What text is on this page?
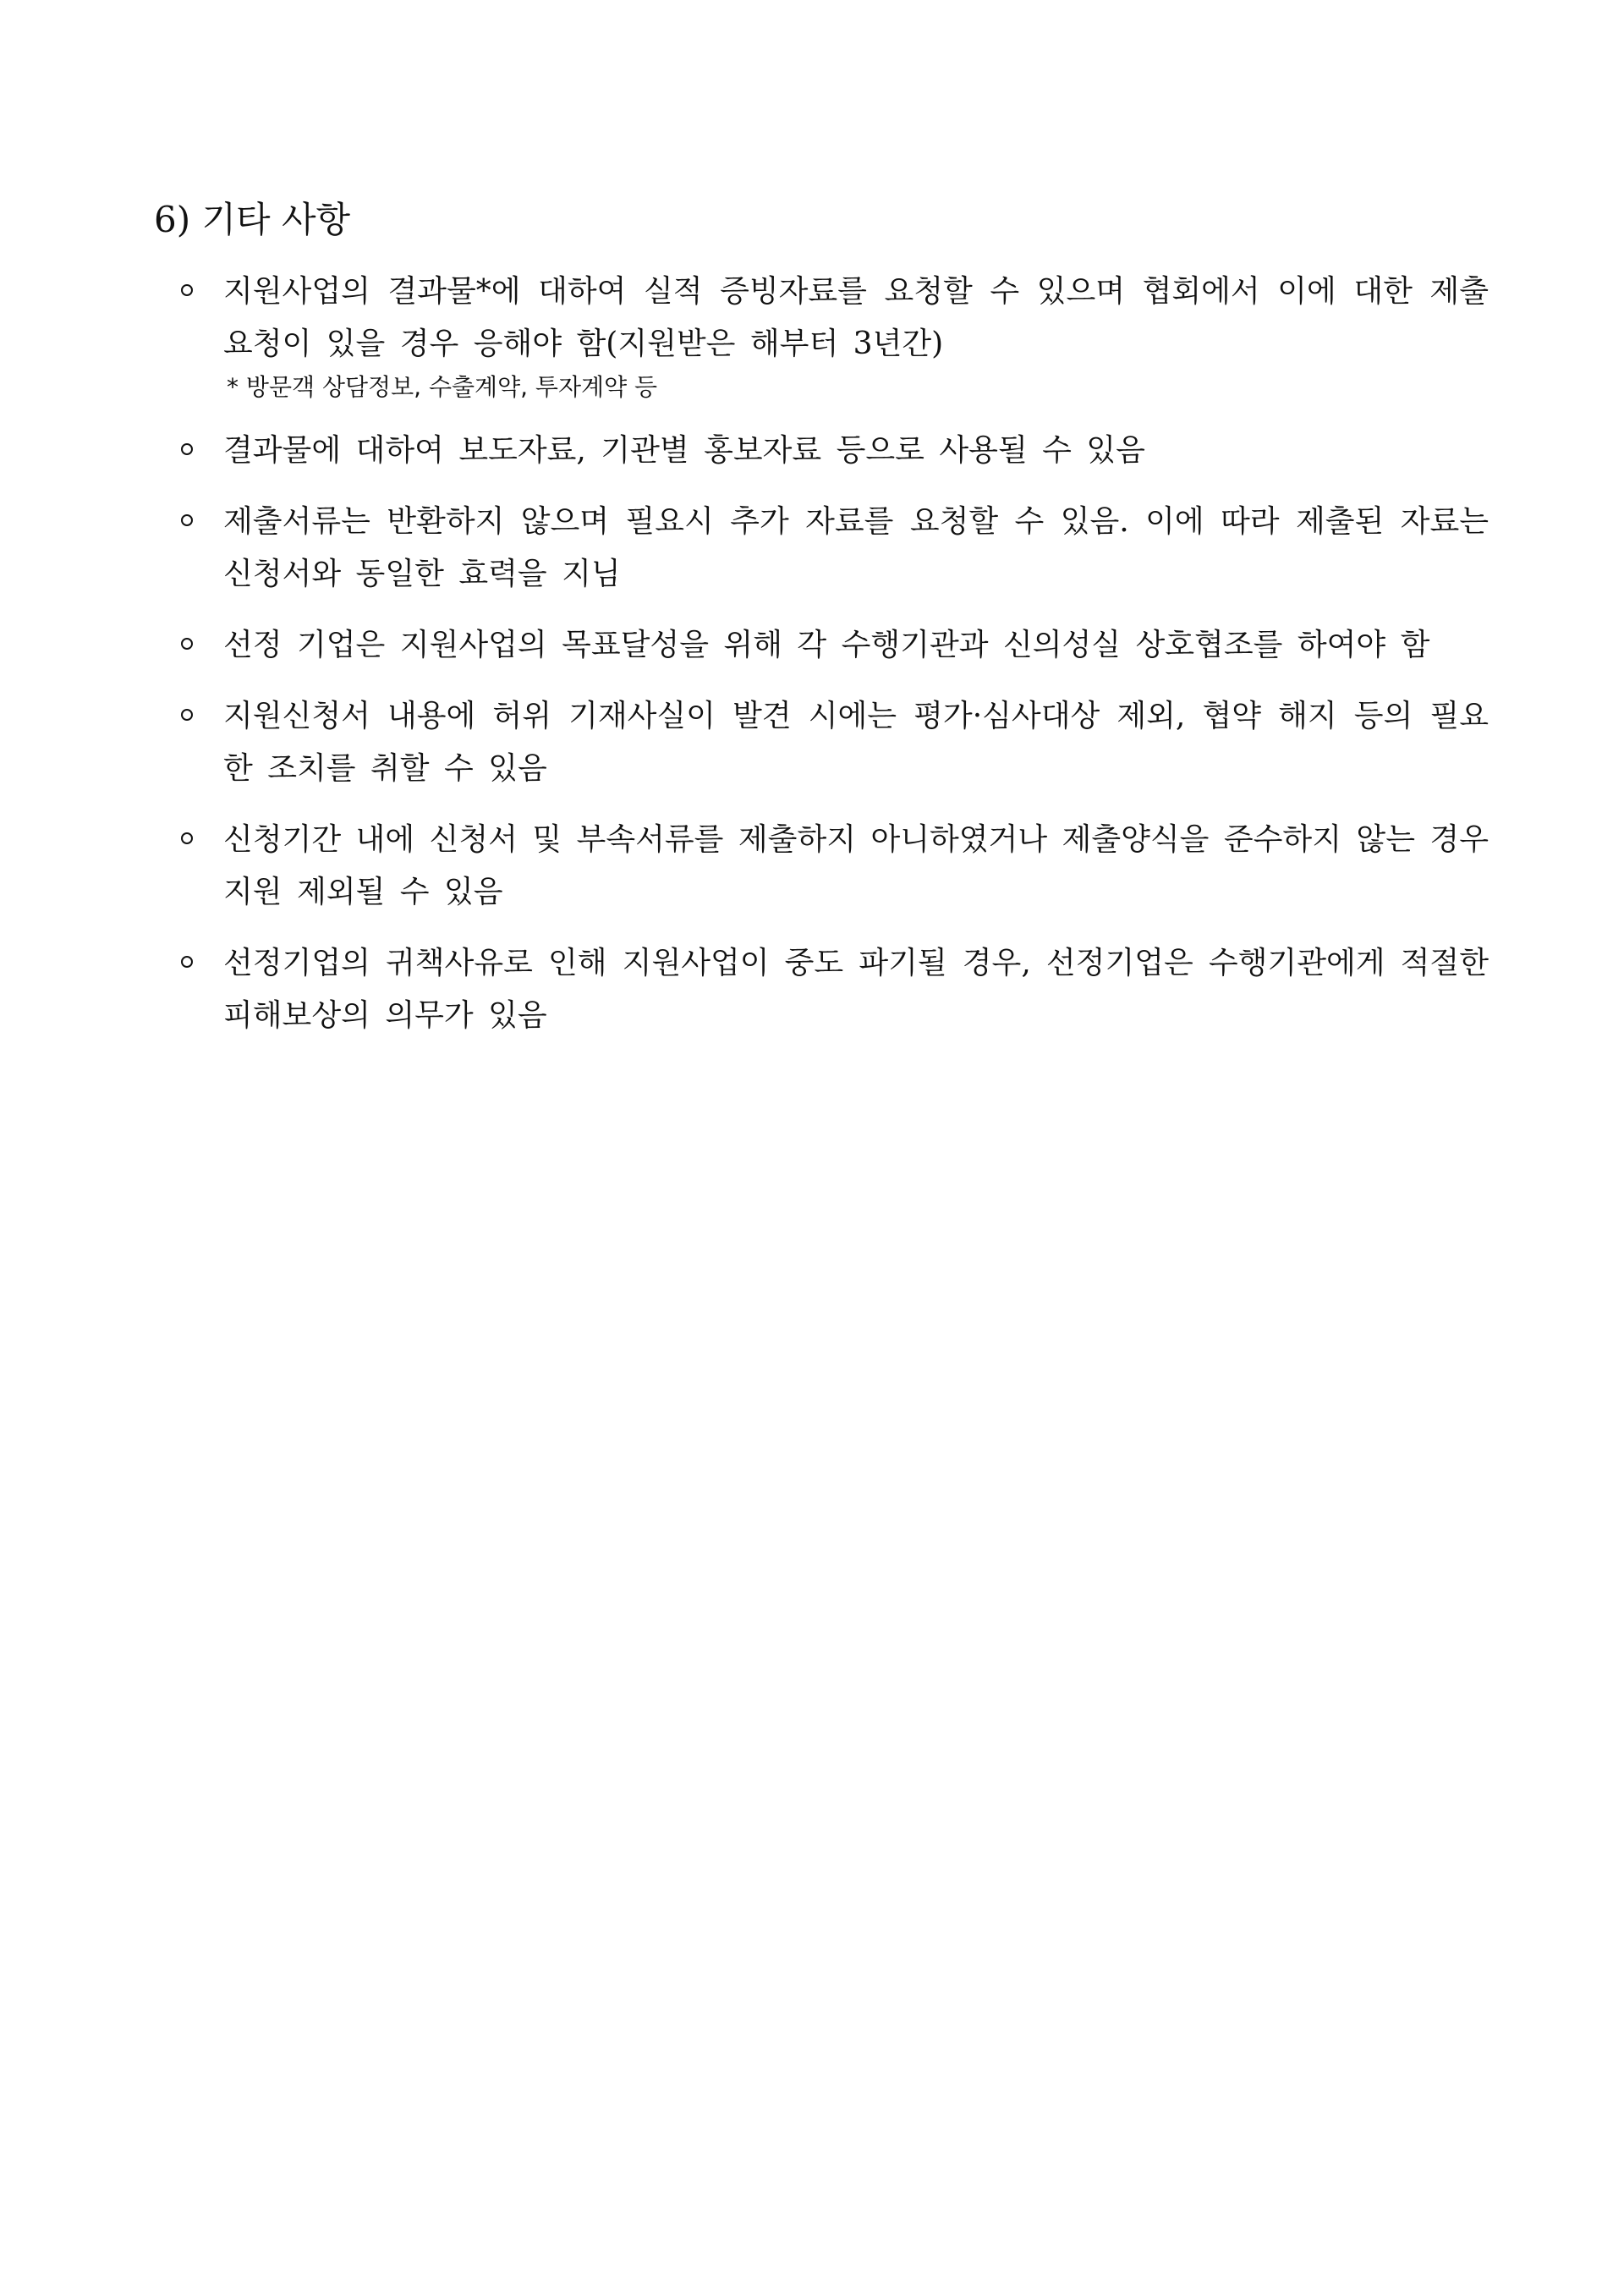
6) 기타 사항
지원사업의 결과물*에 대하여 실적 증빙자료를 요청할 수 있으며 협회에서 이에 대한 제출 요청이 있을 경우 응해야 함(지원받은 해부터 3년간)
* 방문객 상담정보, 수출계약, 투자계약 등
결과물에 대하여 보도자료, 기관별 홍보자료 등으로 사용될 수 있음
제출서류는 반환하지 않으며 필요시 추가 자료를 요청할 수 있음. 이에 따라 제출된 자료는 신청서와 동일한 효력을 지님
선정 기업은 지원사업의 목표달성을 위해 각 수행기관과 신의성실 상호협조를 하여야 함
지원신청서 내용에 허위 기재사실이 발견 시에는 평가·심사대상 제외, 협약 해지 등의 필요한 조치를 취할 수 있음
신청기간 내에 신청서 및 부속서류를 제출하지 아니하였거나 제출양식을 준수하지 않는 경우 지원 제외될 수 있음
선정기업의 귀책사유로 인해 지원사업이 중도 파기될 경우, 선정기업은 수행기관에게 적절한 피해보상의 의무가 있음
